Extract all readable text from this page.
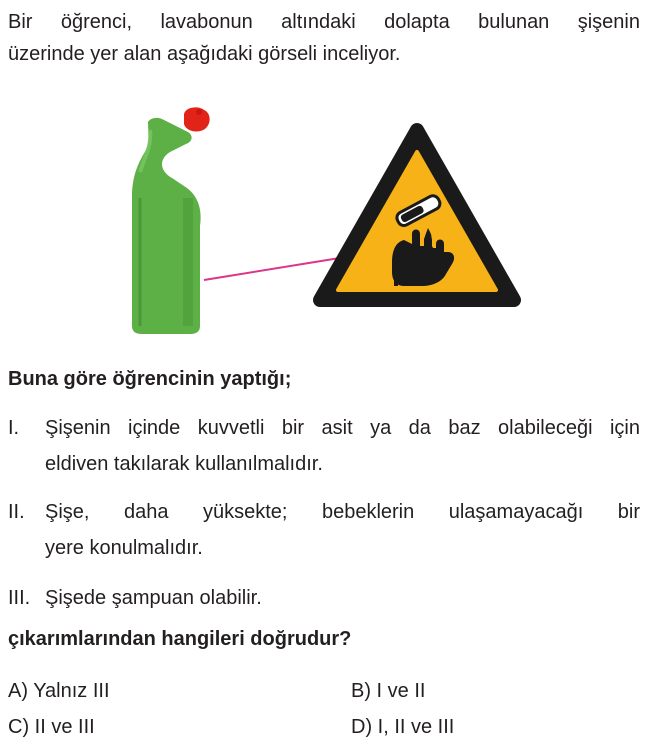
Bir öğrenci, lavabonun altındaki dolapta bulunan şişenin
üzerinde yer alan aşağıdaki görseli inceliyor.
Buna göre öğrencinin yaptığı;
I. Şişenin içinde kuvvetli bir asit ya da baz olabileceği için
eldiven takılarak kullanılmalıdır.
II. Şişe, daha yüksekte; bebeklerin ulaşamayacağı bir
yere konulmalıdır.
III. Şişede şampuan olabilir.
çıkarımlarından hangileri doğrudur?
A) Yalnız III	B) I ve II
C) II ve III	D) I, II ve III
